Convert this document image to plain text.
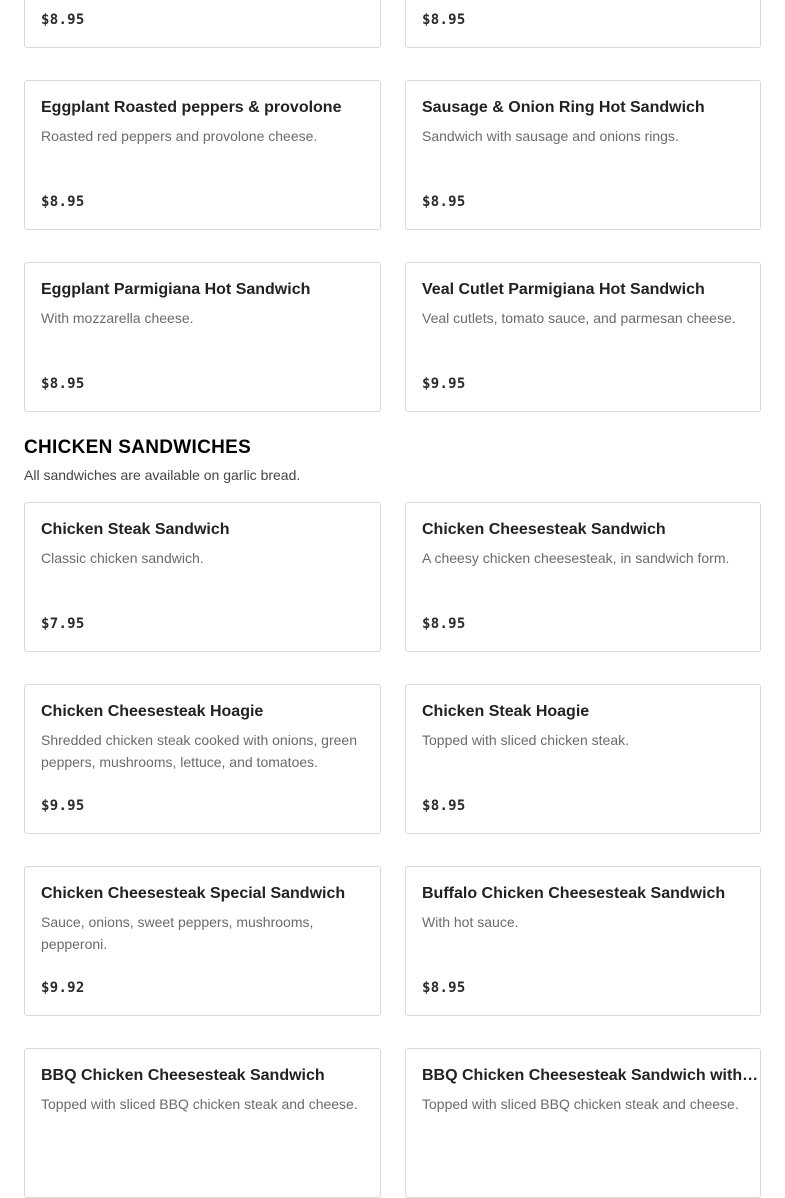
$8.95	$8.95
Eggplant Roasted peppers & provolone
Roasted red peppers and provolone cheese.
$8.95
Sausage & Onion Ring Hot Sandwich
Sandwich with sausage and onions rings.
$8.95
Eggplant Parmigiana Hot Sandwich
With mozzarella cheese.
$8.95
Veal Cutlet Parmigiana Hot Sandwich
Veal cutlets, tomato sauce, and parmesan cheese.
$9.95
CHICKEN SANDWICHES

All sandwiches are available on garlic bread.

Chicken Steak Sandwich
Classic chicken sandwich.
$7.95
Chicken Cheesesteak Sandwich
A cheesy chicken cheesesteak, in sandwich form.
$8.95
Chicken Cheesesteak Hoagie
Shredded chicken steak cooked with onions, green peppers, mushrooms, lettuce, and tomatoes.
$9.95
Chicken Steak Hoagie
Topped with sliced chicken steak.
$8.95
Chicken Cheesesteak Special Sandwich
Sauce, onions, sweet peppers, mushrooms, pepperoni.
$9.92
Buffalo Chicken Cheesesteak Sandwich
With hot sauce.
$8.95
BBQ Chicken Cheesesteak Sandwich
Topped with sliced BBQ chicken steak and cheese.
BBQ Chicken Cheesesteak Sandwich with…
Topped with sliced BBQ chicken steak and cheese.
